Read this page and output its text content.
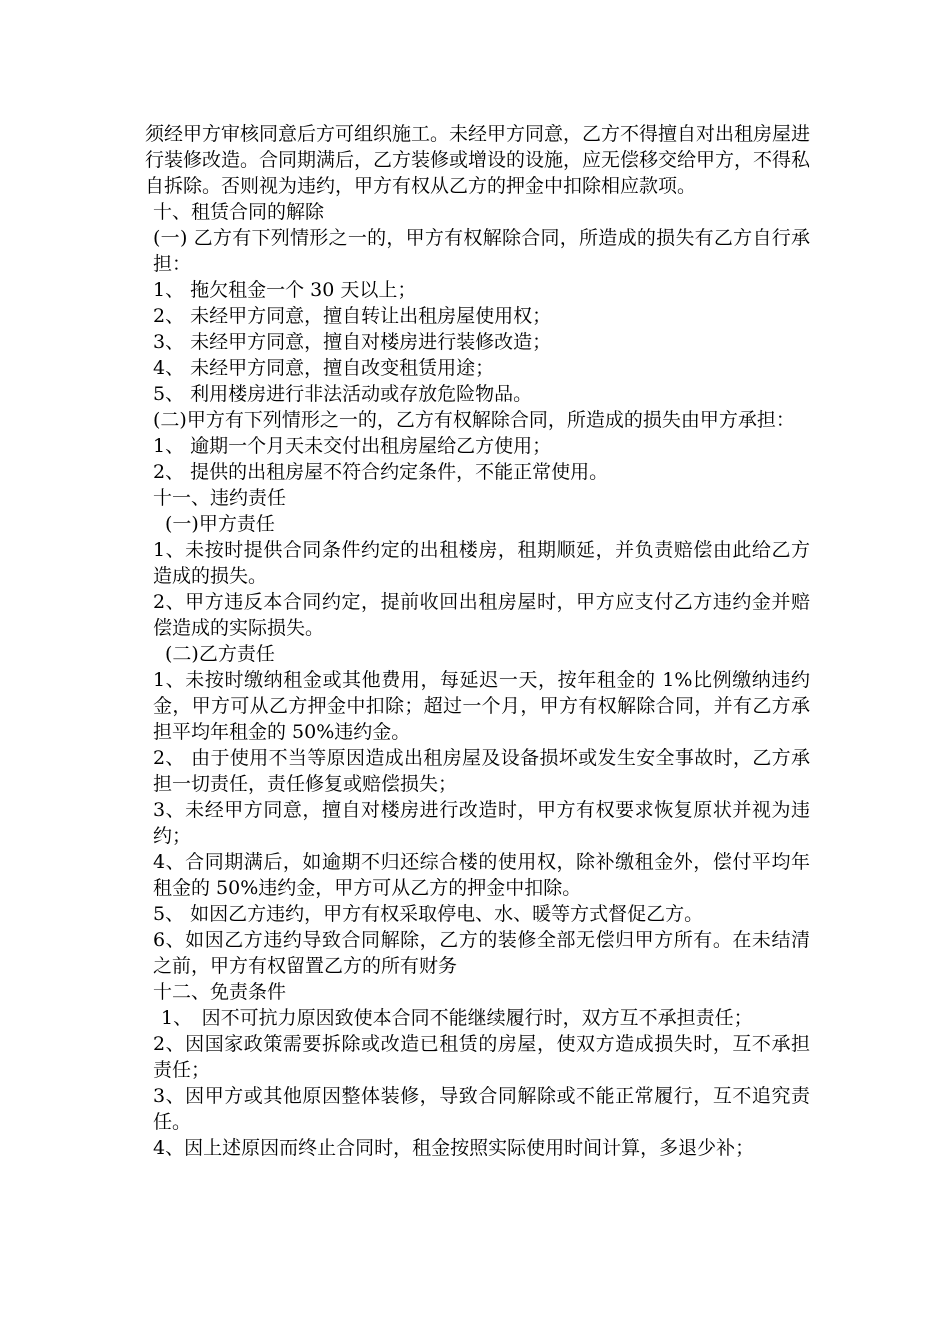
须经甲方审核同意后方可组织施工。未经甲方同意，乙方不得擅自对出租房屋进行装修改造。合同期满后，乙方装修或增设的设施，应无偿移交给甲方，不得私自拆除。否则视为违约，甲方有权从乙方的押金中扣除相应款项。

十、租赁合同的解除

(一) 乙方有下列情形之一的，甲方有权解除合同，所造成的损失有乙方自行承担：

1、 拖欠租金一个 30 天以上；

2、 未经甲方同意，擅自转让出租房屋使用权；

3、 未经甲方同意，擅自对楼房进行装修改造；

4、 未经甲方同意，擅自改变租赁用途；

5、 利用楼房进行非法活动或存放危险物品。

(二)甲方有下列情形之一的，乙方有权解除合同，所造成的损失由甲方承担：

1、 逾期一个月天未交付出租房屋给乙方使用；

2、 提供的出租房屋不符合约定条件，不能正常使用。

十一、违约责任

(一)甲方责任

1、未按时提供合同条件约定的出租楼房，租期顺延，并负责赔偿由此给乙方造成的损失。

2、甲方违反本合同约定，提前收回出租房屋时，甲方应支付乙方违约金并赔偿造成的实际损失。

(二)乙方责任

1、未按时缴纳租金或其他费用，每延迟一天，按年租金的 1%比例缴纳违约金，甲方可从乙方押金中扣除；超过一个月，甲方有权解除合同，并有乙方承担平均年租金的 50%违约金。

2、 由于使用不当等原因造成出租房屋及设备损坏或发生安全事故时，乙方承担一切责任，责任修复或赔偿损失；

3、未经甲方同意，擅自对楼房进行改造时，甲方有权要求恢复原状并视为违约；

4、合同期满后，如逾期不归还综合楼的使用权，除补缴租金外，偿付平均年租金的 50%违约金，甲方可从乙方的押金中扣除。

5、 如因乙方违约，甲方有权采取停电、水、暖等方式督促乙方。

6、如因乙方违约导致合同解除，乙方的装修全部无偿归甲方所有。在未结清之前，甲方有权留置乙方的所有财务

十二、免责条件

1、　因不可抗力原因致使本合同不能继续履行时，双方互不承担责任；

2、因国家政策需要拆除或改造已租赁的房屋，使双方造成损失时，互不承担责任；

3、因甲方或其他原因整体装修，导致合同解除或不能正常履行，互不追究责任。

4、因上述原因而终止合同时，租金按照实际使用时间计算，多退少补；
